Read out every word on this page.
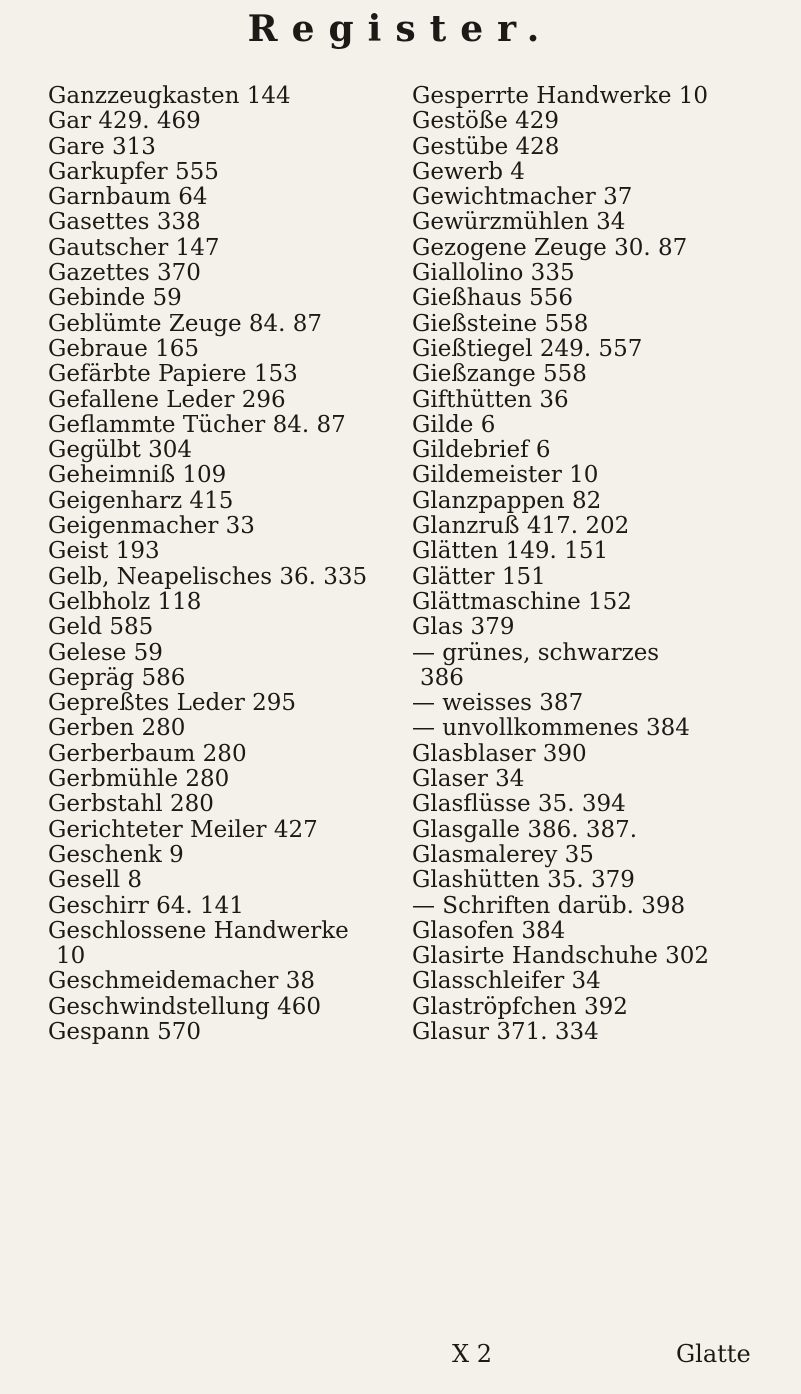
Register.
Ganzzeugkasten 144
Gar 429. 469
Gare 313
Garkupfer 555
Garnbaum 64
Gasettes 338
Gautscher 147
Gazettes 370
Gebinde 59
Geblümte Zeuge 84. 87
Gebraue 165
Gefärbte Papiere 153
Gefallene Leder 296
Geflammte Tücher 84. 87
Gegülbt 304
Geheimniß 109
Geigenharz 415
Geigenmacher 33
Geist 193
Gelb, Neapelisches 36. 335
Gelbholz 118
Geld 585
Gelese 59
Gepräg 586
Gepreßtes Leder 295
Gerben 280
Gerberbaum 280
Gerbmühle 280
Gerbstahl 280
Gerichteter Meiler 427
Geschenk 9
Gesell 8
Geschirr 64. 141
Geschlossene Handwerke
10
Geschmeidemacher 38
Geschwindstellung 460
Gespann 570
Gesperrte Handwerke 10
Gestöße 429
Gestübe 428
Gewerb 4
Gewichtmacher 37
Gewürzmühlen 34
Gezogene Zeuge 30. 87
Giallolino 335
Gießhaus 556
Gießsteine 558
Gießtiegel 249. 557
Gießzange 558
Gifthütten 36
Gilde 6
Gildebrief 6
Gildemeister 10
Glanzpappen 82
Glanzruß 417. 202
Glätten 149. 151
Glätter 151
Glättmaschine 152
Glas 379
— grünes, schwarzes
386
— weisses 387
— unvollkommenes 384
Glasblaser 390
Glaser 34
Glasflüsse 35. 394
Glasgalle 386. 387.
Glasmalerey 35
Glashütten 35. 379
— Schriften darüb. 398
Glasofen 384
Glasirte Handschuhe 302
Glasschleifer 34
Glaströpfchen 392
Glasur 371. 334
X 2	Glatte
